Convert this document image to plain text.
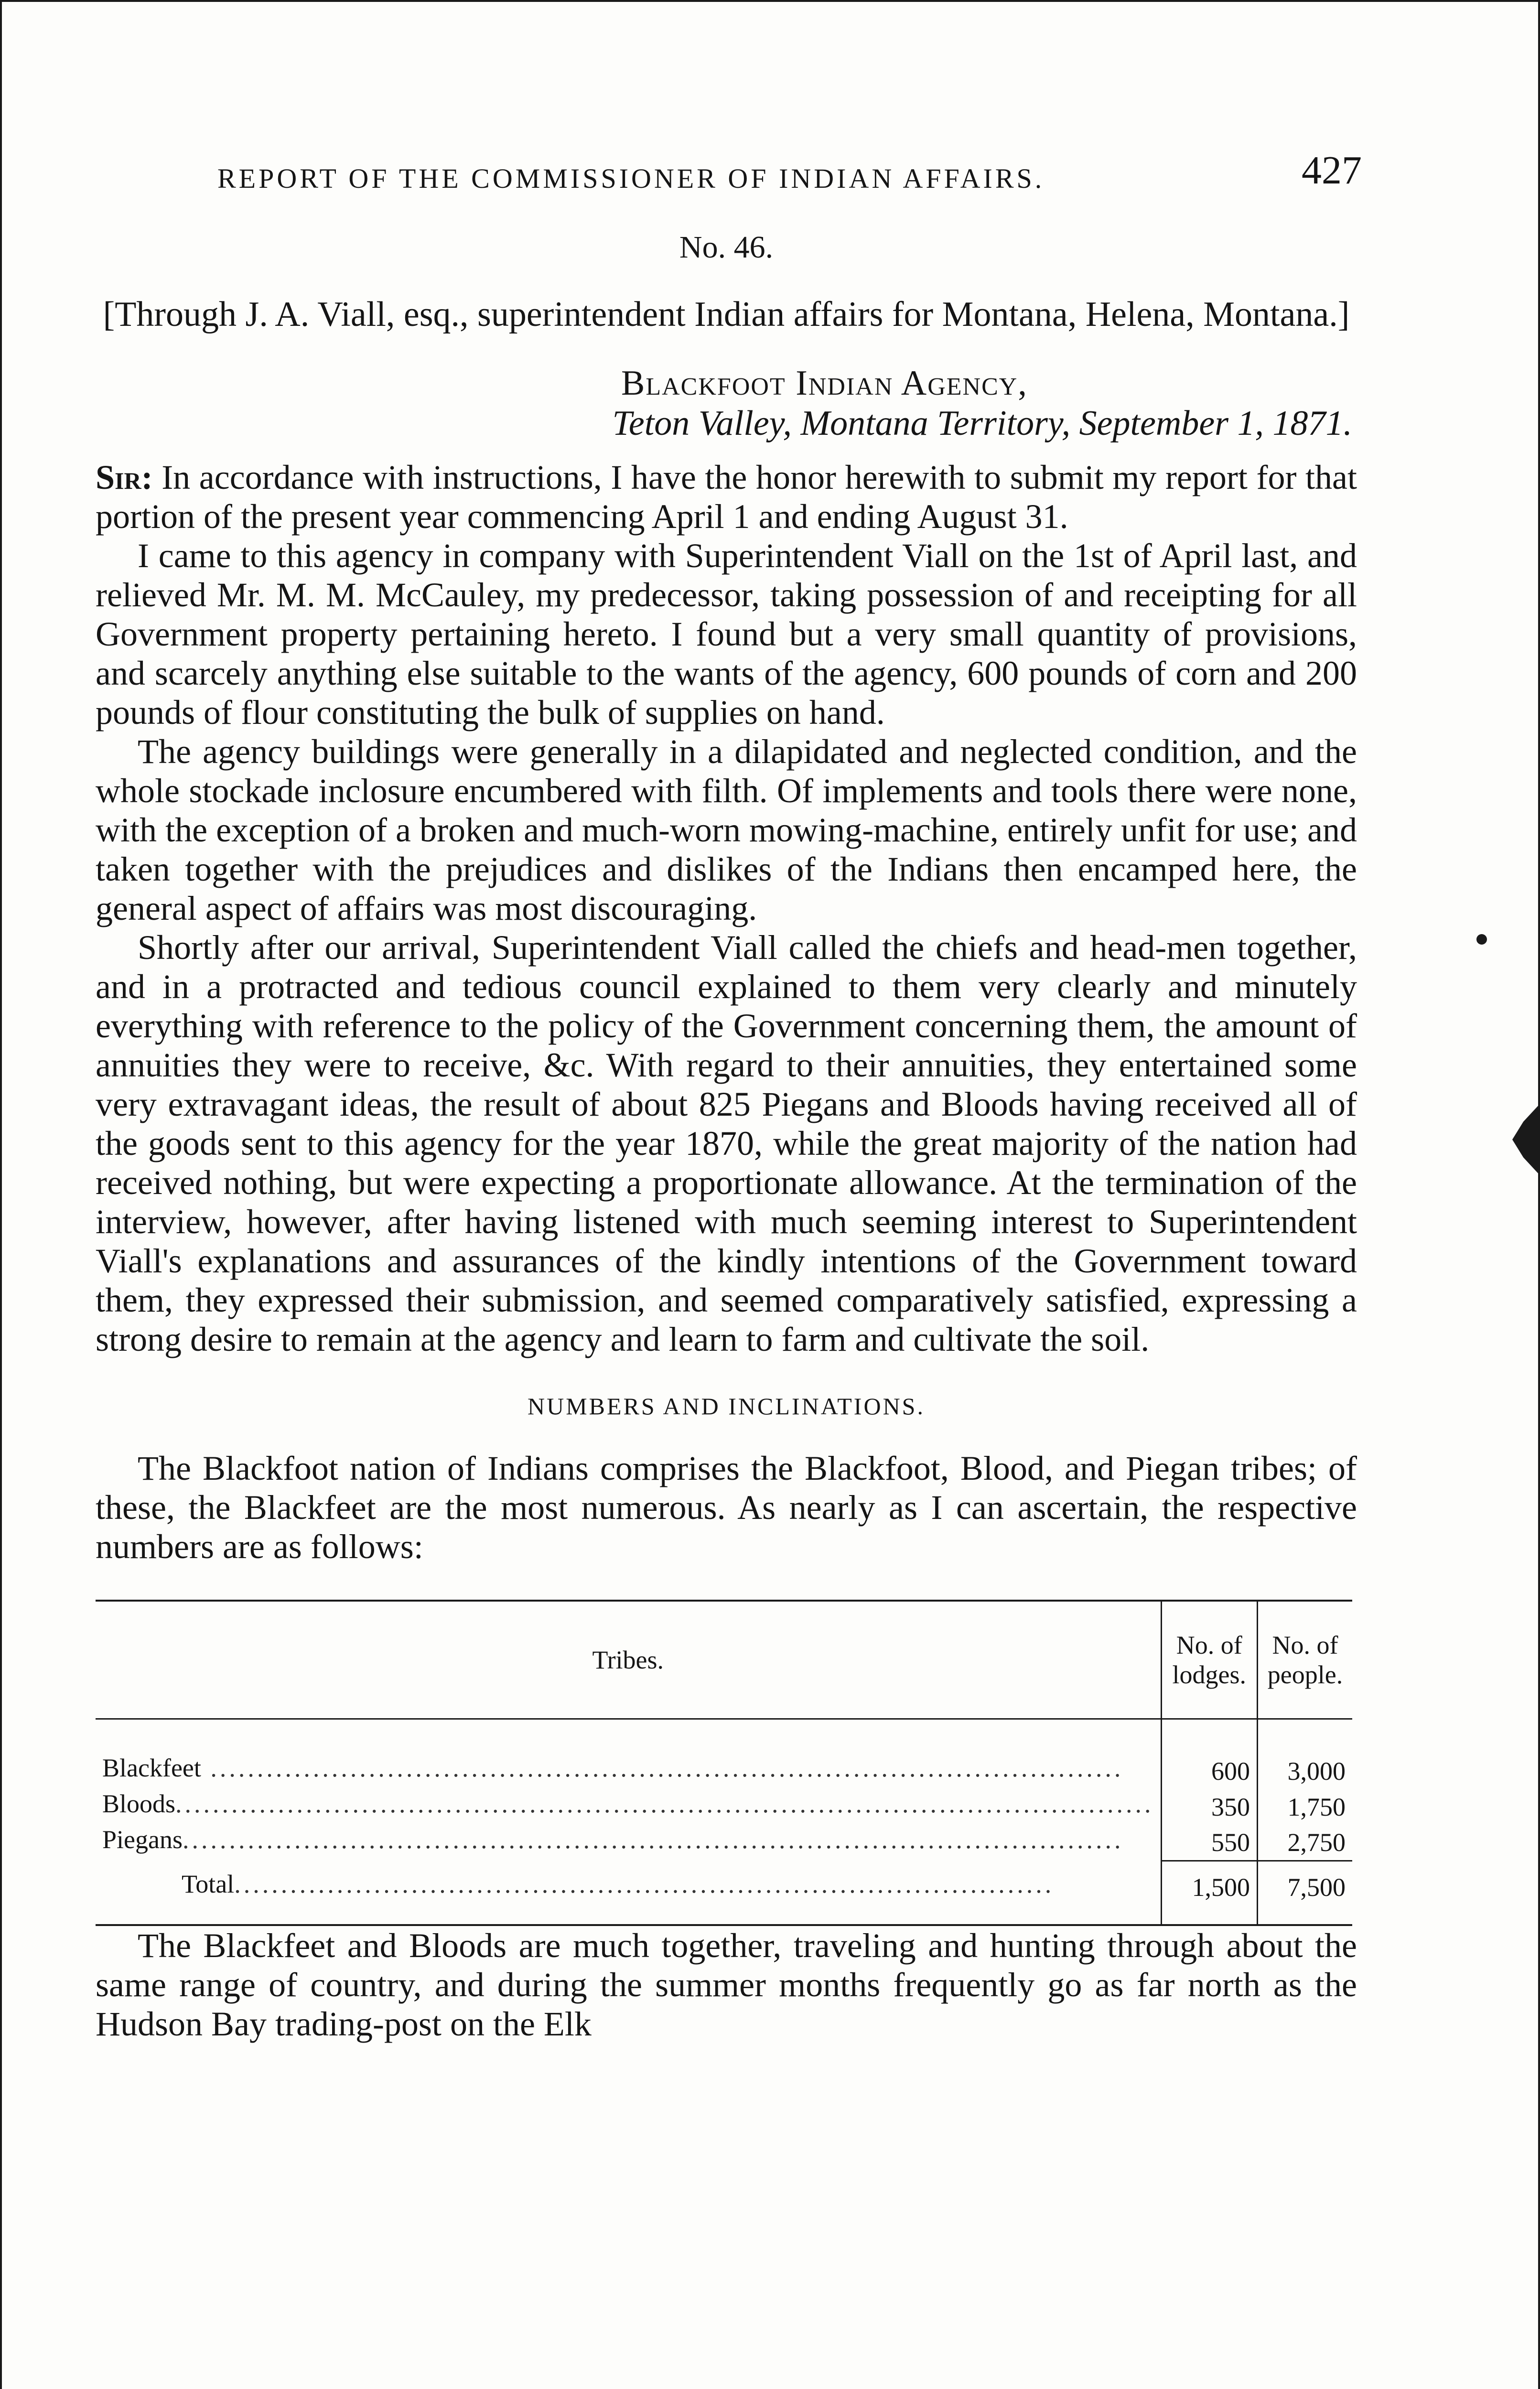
REPORT OF THE COMMISSIONER OF INDIAN AFFAIRS.	427
No. 46.
[Through J. A. Viall, esq., superintendent Indian affairs for Montana, Helena, Montana.]
Blackfoot Indian Agency,
Teton Valley, Montana Territory, September 1, 1871.

Sir: In accordance with instructions, I have the honor herewith to submit my report for that portion of the present year commencing April 1 and ending August 31.

I came to this agency in company with Superintendent Viall on the 1st of April last, and relieved Mr. M. M. McCauley, my predecessor, taking possession of and receipting for all Government property pertaining hereto. I found but a very small quantity of provisions, and scarcely anything else suitable to the wants of the agency, 600 pounds of corn and 200 pounds of flour constituting the bulk of supplies on hand.

The agency buildings were generally in a dilapidated and neglected condition, and the whole stockade inclosure encumbered with filth. Of implements and tools there were none, with the exception of a broken and much-worn mowing-machine, entirely unfit for use; and taken together with the prejudices and dislikes of the Indians then encamped here, the general aspect of affairs was most discouraging.

Shortly after our arrival, Superintendent Viall called the chiefs and head-men together, and in a protracted and tedious council explained to them very clearly and minutely everything with reference to the policy of the Government concerning them, the amount of annuities they were to receive, &c. With regard to their annuities, they entertained some very extravagant ideas, the result of about 825 Piegans and Bloods having received all of the goods sent to this agency for the year 1870, while the great majority of the nation had received nothing, but were expecting a proportionate allowance. At the termination of the interview, however, after having listened with much seeming interest to Superintendent Viall's explanations and assurances of the kindly intentions of the Government toward them, they expressed their submission, and seemed comparatively satisfied, expressing a strong desire to remain at the agency and learn to farm and cultivate the soil.

NUMBERS AND INCLINATIONS.

The Blackfoot nation of Indians comprises the Blackfoot, Blood, and Piegan tribes; of these, the Blackfeet are the most numerous. As nearly as I can ascertain, the respective numbers are as follows:

Tribes.	No. of lodges.	No. of people.

Blackfeet ..................................................................................................	600	3,000
Bloods.........................................................................................................	350	1,750
Piegans.....................................................................................................	550	2,750
Total........................................................................................	1,500	7,500

The Blackfeet and Bloods are much together, traveling and hunting through about the same range of country, and during the summer months frequently go as far north as the Hudson Bay trading-post on the Elk
